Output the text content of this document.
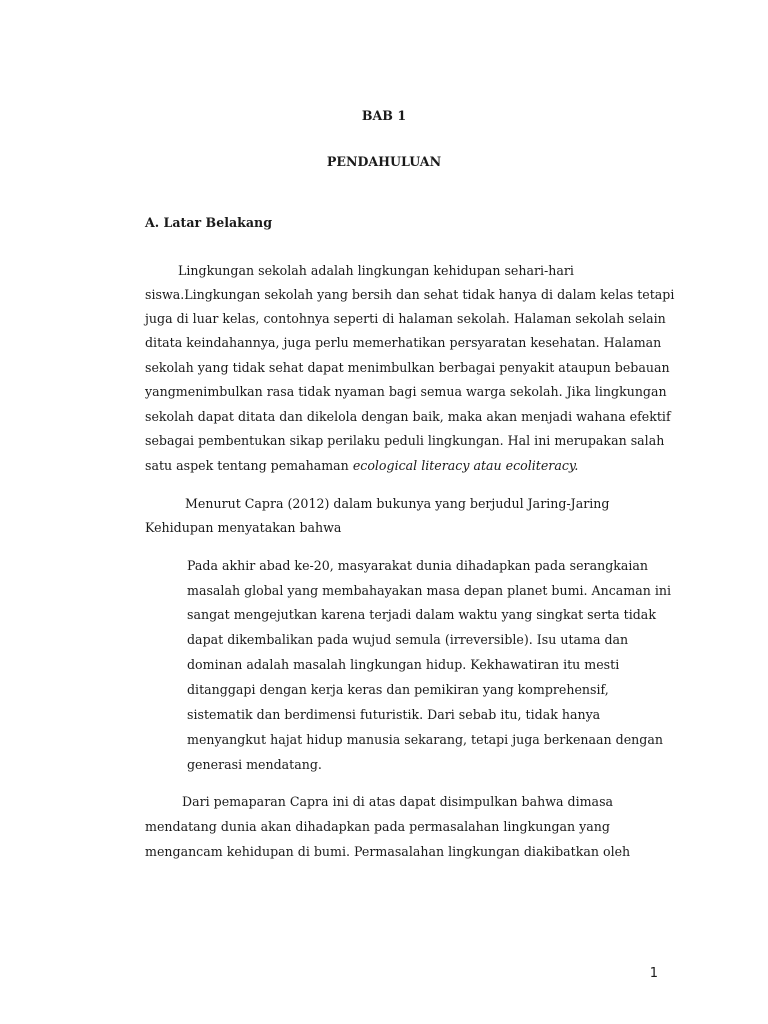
BAB 1
PENDAHULUAN
A. Latar Belakang
Lingkungan sekolah adalah lingkungan kehidupan sehari-hari
siswa.Lingkungan sekolah yang bersih dan sehat tidak hanya di dalam kelas tetapi
juga di luar kelas, contohnya seperti di halaman sekolah. Halaman sekolah selain
ditata keindahannya, juga perlu memerhatikan persyaratan kesehatan. Halaman
sekolah yang tidak sehat dapat menimbulkan berbagai penyakit ataupun bebauan
yangmenimbulkan rasa tidak nyaman bagi semua warga sekolah. Jika lingkungan
sekolah dapat ditata dan dikelola dengan baik, maka akan menjadi wahana efektif
sebagai pembentukan sikap perilaku peduli lingkungan. Hal ini merupakan salah
satu aspek tentang pemahaman ecological literacy atau ecoliteracy.
Menurut Capra (2012) dalam bukunya yang berjudul Jaring-Jaring
Kehidupan menyatakan bahwa
Pada akhir abad ke-20, masyarakat dunia dihadapkan pada serangkaian
masalah global yang membahayakan masa depan planet bumi. Ancaman ini
sangat mengejutkan karena terjadi dalam waktu yang singkat serta tidak
dapat dikembalikan pada wujud semula (irreversible). Isu utama dan
dominan adalah masalah lingkungan hidup. Kekhawatiran itu mesti
ditanggapi dengan kerja keras dan pemikiran yang komprehensif,
sistematik dan berdimensi futuristik. Dari sebab itu, tidak hanya
menyangkut hajat hidup manusia sekarang, tetapi juga berkenaan dengan
generasi mendatang.
Dari pemaparan Capra ini di atas dapat disimpulkan bahwa dimasa
mendatang dunia akan dihadapkan pada permasalahan lingkungan yang
mengancam kehidupan di bumi. Permasalahan lingkungan diakibatkan oleh
1
